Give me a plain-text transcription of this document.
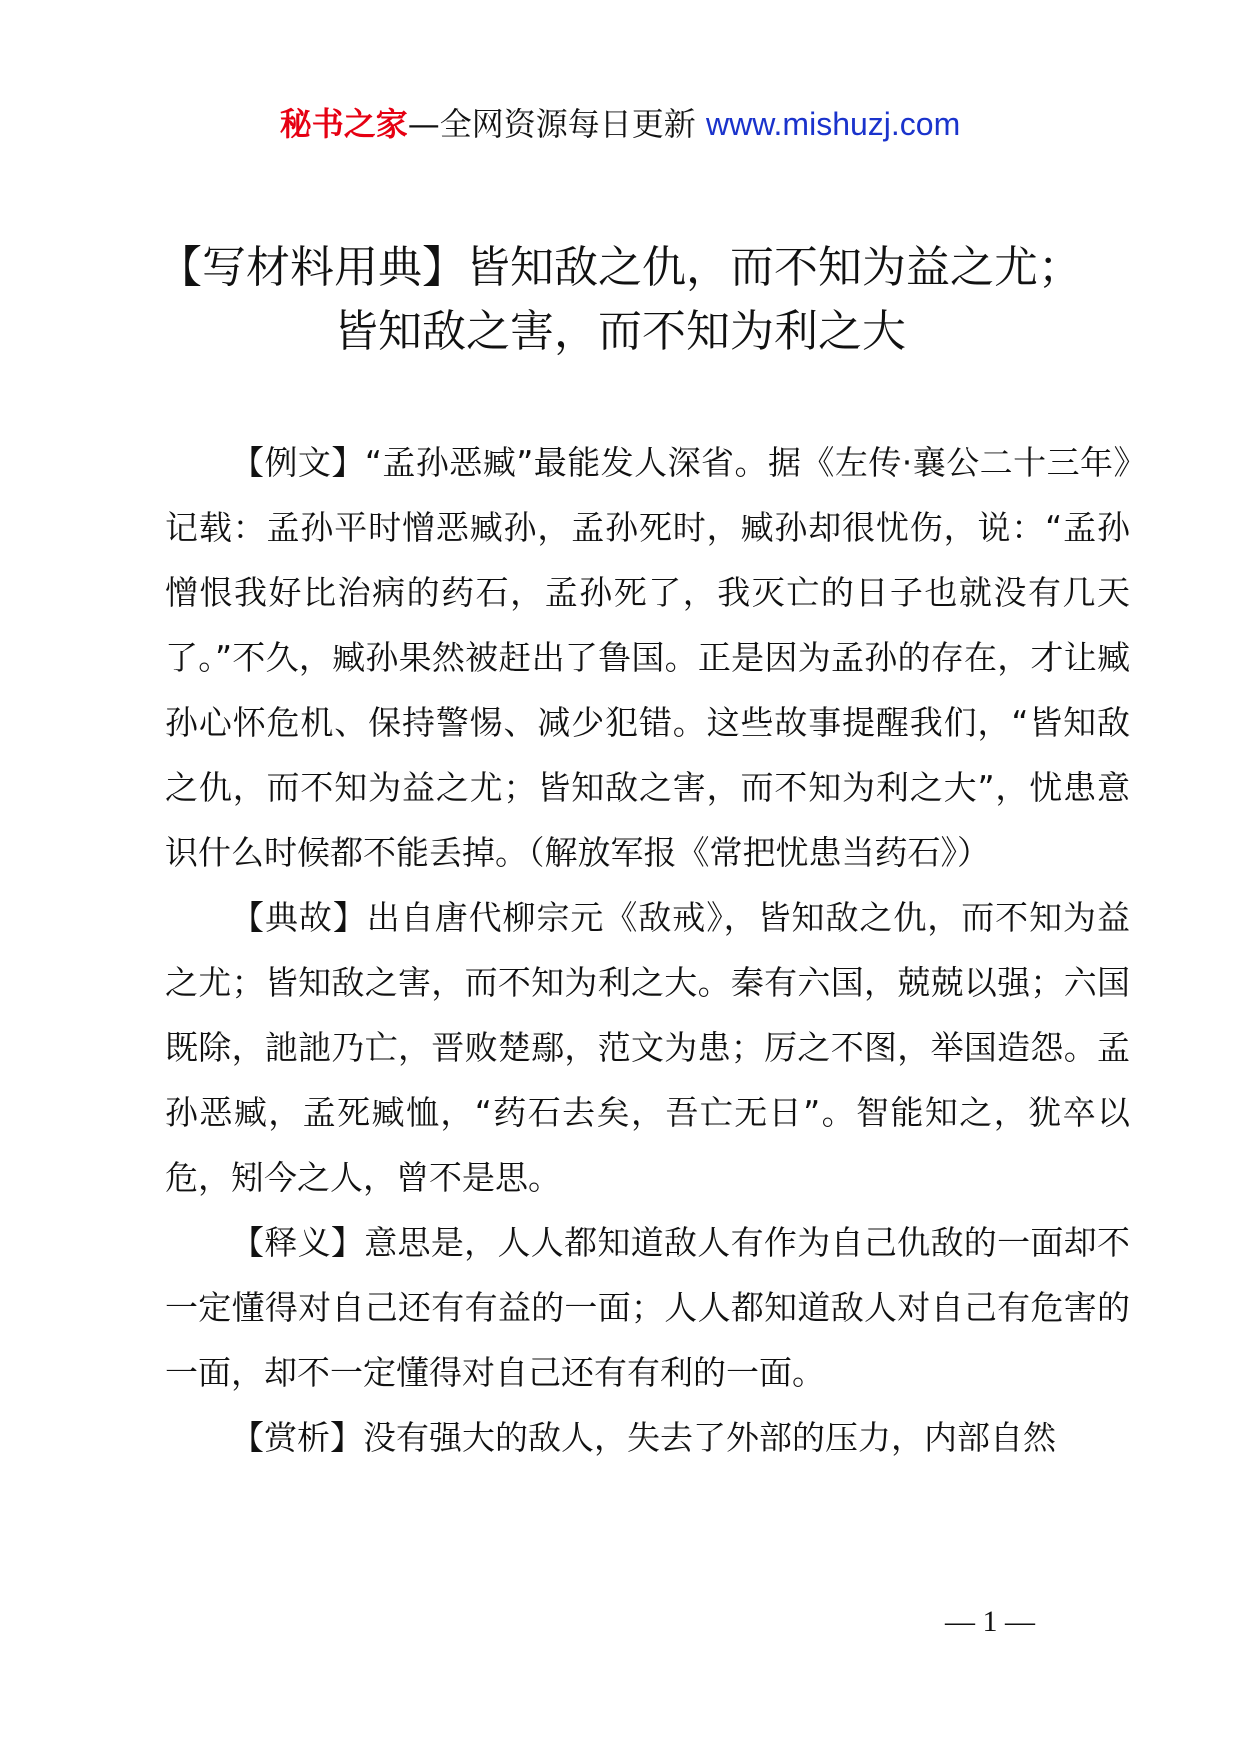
秘书之家—全网资源每日更新 www.mishuzj.com
【写材料用典】皆知敌之仇，而不知为益之尤；
皆知敌之害，而不知为利之大

【例文】“孟孙恶臧”最能发人深省。据《左传·襄公二十三年》记载：孟孙平时憎恶臧孙，孟孙死时，臧孙却很忧伤，说：“孟孙憎恨我好比治病的药石，孟孙死了，我灭亡的日子也就没有几天了。”不久，臧孙果然被赶出了鲁国。正是因为孟孙的存在，才让臧孙心怀危机、保持警惕、减少犯错。这些故事提醒我们，“皆知敌之仇，而不知为益之尤；皆知敌之害，而不知为利之大”，忧患意识什么时候都不能丢掉。（解放军报《常把忧患当药石》）

【典故】出自唐代柳宗元《敌戒》，皆知敌之仇，而不知为益之尤；皆知敌之害，而不知为利之大。秦有六国，兢兢以强；六国既除，訑訑乃亡，晋败楚鄢，范文为患；厉之不图，举国造怨。孟孙恶臧，孟死臧恤，“药石去矣，吾亡无日”。智能知之，犹卒以危，矧今之人，曾不是思。

【释义】意思是，人人都知道敌人有作为自己仇敌的一面却不一定懂得对自己还有有益的一面；人人都知道敌人对自己有危害的一面，却不一定懂得对自己还有有利的一面。

【赏析】没有强大的敌人，失去了外部的压力，内部自然

— 1 —
